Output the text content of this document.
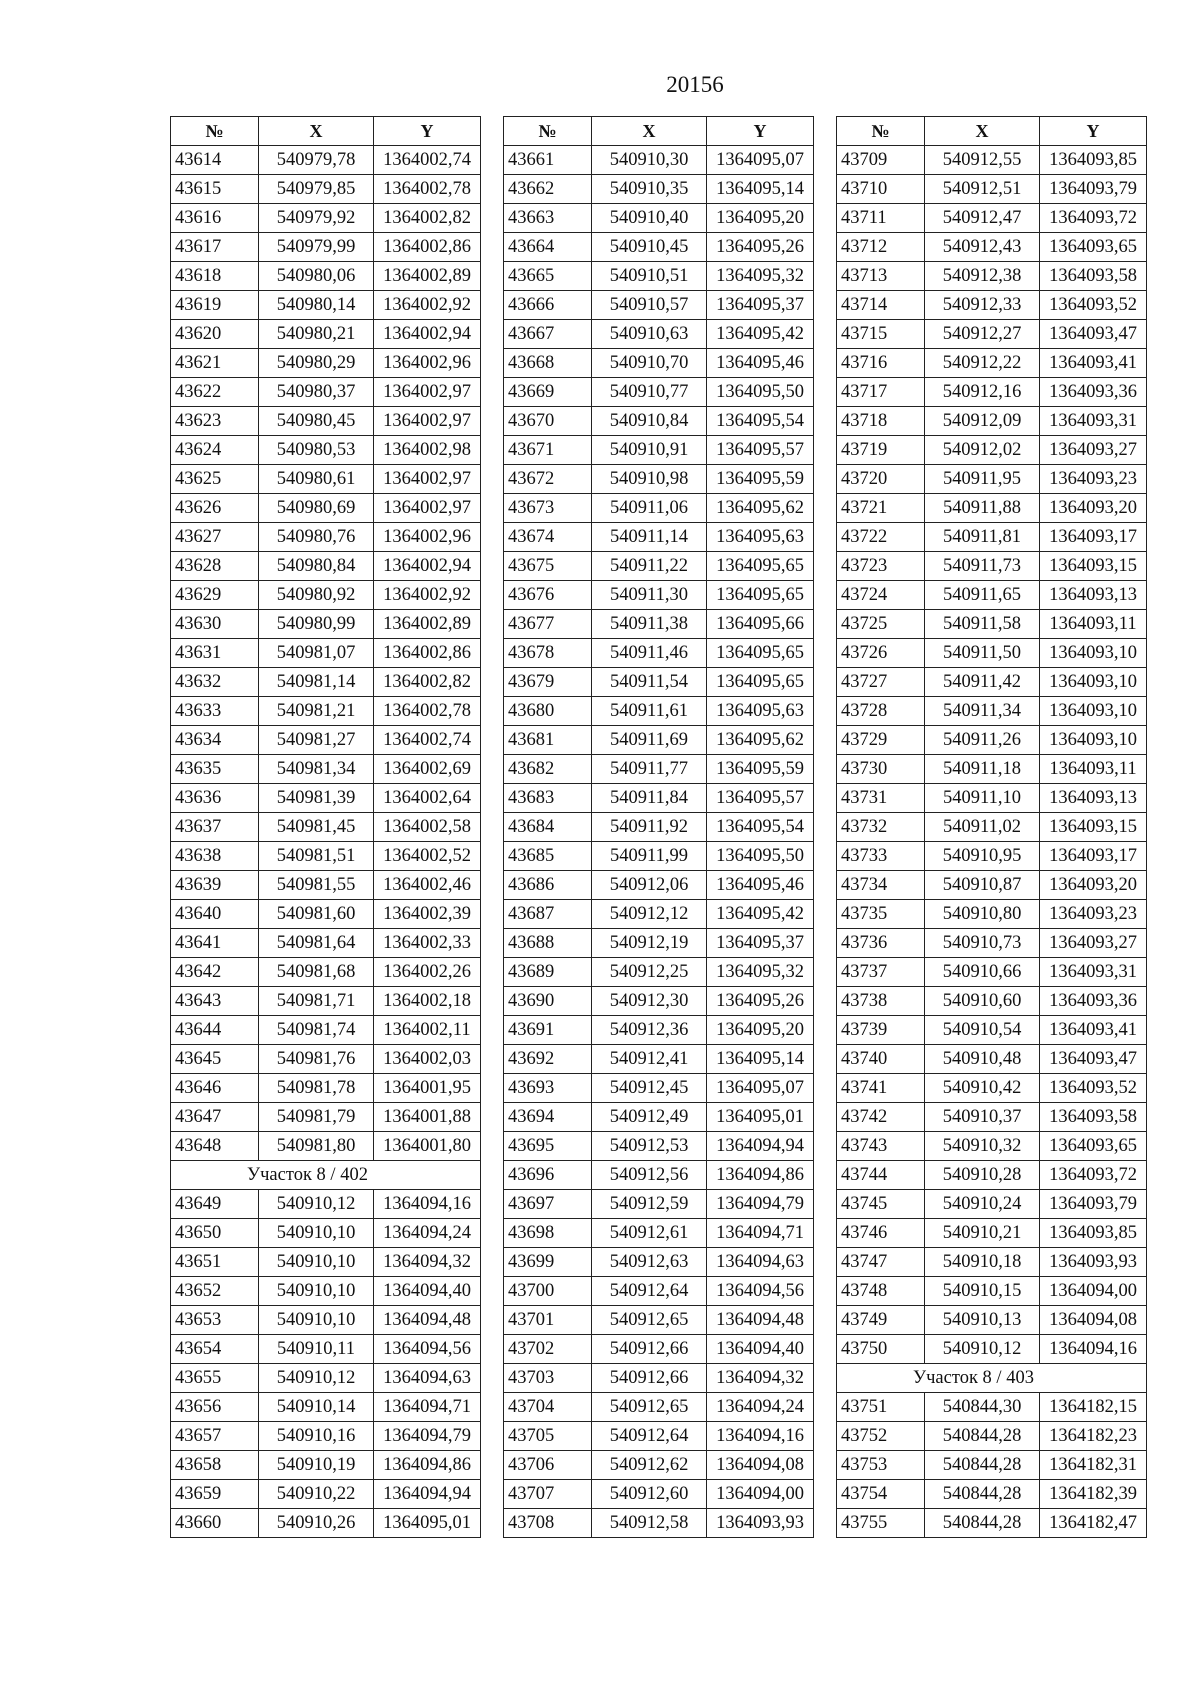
20156
№	X	Y
43614	540979,78	1364002,74
43615	540979,85	1364002,78
43616	540979,92	1364002,82
43617	540979,99	1364002,86
43618	540980,06	1364002,89
43619	540980,14	1364002,92
43620	540980,21	1364002,94
43621	540980,29	1364002,96
43622	540980,37	1364002,97
43623	540980,45	1364002,97
43624	540980,53	1364002,98
43625	540980,61	1364002,97
43626	540980,69	1364002,97
43627	540980,76	1364002,96
43628	540980,84	1364002,94
43629	540980,92	1364002,92
43630	540980,99	1364002,89
43631	540981,07	1364002,86
43632	540981,14	1364002,82
43633	540981,21	1364002,78
43634	540981,27	1364002,74
43635	540981,34	1364002,69
43636	540981,39	1364002,64
43637	540981,45	1364002,58
43638	540981,51	1364002,52
43639	540981,55	1364002,46
43640	540981,60	1364002,39
43641	540981,64	1364002,33
43642	540981,68	1364002,26
43643	540981,71	1364002,18
43644	540981,74	1364002,11
43645	540981,76	1364002,03
43646	540981,78	1364001,95
43647	540981,79	1364001,88
43648	540981,80	1364001,80
Участок 8 / 402		
43649	540910,12	1364094,16
43650	540910,10	1364094,24
43651	540910,10	1364094,32
43652	540910,10	1364094,40
43653	540910,10	1364094,48
43654	540910,11	1364094,56
43655	540910,12	1364094,63
43656	540910,14	1364094,71
43657	540910,16	1364094,79
43658	540910,19	1364094,86
43659	540910,22	1364094,94
43660	540910,26	1364095,01
№	X	Y
43661	540910,30	1364095,07
43662	540910,35	1364095,14
43663	540910,40	1364095,20
43664	540910,45	1364095,26
43665	540910,51	1364095,32
43666	540910,57	1364095,37
43667	540910,63	1364095,42
43668	540910,70	1364095,46
43669	540910,77	1364095,50
43670	540910,84	1364095,54
43671	540910,91	1364095,57
43672	540910,98	1364095,59
43673	540911,06	1364095,62
43674	540911,14	1364095,63
43675	540911,22	1364095,65
43676	540911,30	1364095,65
43677	540911,38	1364095,66
43678	540911,46	1364095,65
43679	540911,54	1364095,65
43680	540911,61	1364095,63
43681	540911,69	1364095,62
43682	540911,77	1364095,59
43683	540911,84	1364095,57
43684	540911,92	1364095,54
43685	540911,99	1364095,50
43686	540912,06	1364095,46
43687	540912,12	1364095,42
43688	540912,19	1364095,37
43689	540912,25	1364095,32
43690	540912,30	1364095,26
43691	540912,36	1364095,20
43692	540912,41	1364095,14
43693	540912,45	1364095,07
43694	540912,49	1364095,01
43695	540912,53	1364094,94
43696	540912,56	1364094,86
43697	540912,59	1364094,79
43698	540912,61	1364094,71
43699	540912,63	1364094,63
43700	540912,64	1364094,56
43701	540912,65	1364094,48
43702	540912,66	1364094,40
43703	540912,66	1364094,32
43704	540912,65	1364094,24
43705	540912,64	1364094,16
43706	540912,62	1364094,08
43707	540912,60	1364094,00
43708	540912,58	1364093,93
№	X	Y
43709	540912,55	1364093,85
43710	540912,51	1364093,79
43711	540912,47	1364093,72
43712	540912,43	1364093,65
43713	540912,38	1364093,58
43714	540912,33	1364093,52
43715	540912,27	1364093,47
43716	540912,22	1364093,41
43717	540912,16	1364093,36
43718	540912,09	1364093,31
43719	540912,02	1364093,27
43720	540911,95	1364093,23
43721	540911,88	1364093,20
43722	540911,81	1364093,17
43723	540911,73	1364093,15
43724	540911,65	1364093,13
43725	540911,58	1364093,11
43726	540911,50	1364093,10
43727	540911,42	1364093,10
43728	540911,34	1364093,10
43729	540911,26	1364093,10
43730	540911,18	1364093,11
43731	540911,10	1364093,13
43732	540911,02	1364093,15
43733	540910,95	1364093,17
43734	540910,87	1364093,20
43735	540910,80	1364093,23
43736	540910,73	1364093,27
43737	540910,66	1364093,31
43738	540910,60	1364093,36
43739	540910,54	1364093,41
43740	540910,48	1364093,47
43741	540910,42	1364093,52
43742	540910,37	1364093,58
43743	540910,32	1364093,65
43744	540910,28	1364093,72
43745	540910,24	1364093,79
43746	540910,21	1364093,85
43747	540910,18	1364093,93
43748	540910,15	1364094,00
43749	540910,13	1364094,08
43750	540910,12	1364094,16
Участок 8 / 403		
43751	540844,30	1364182,15
43752	540844,28	1364182,23
43753	540844,28	1364182,31
43754	540844,28	1364182,39
43755	540844,28	1364182,47
